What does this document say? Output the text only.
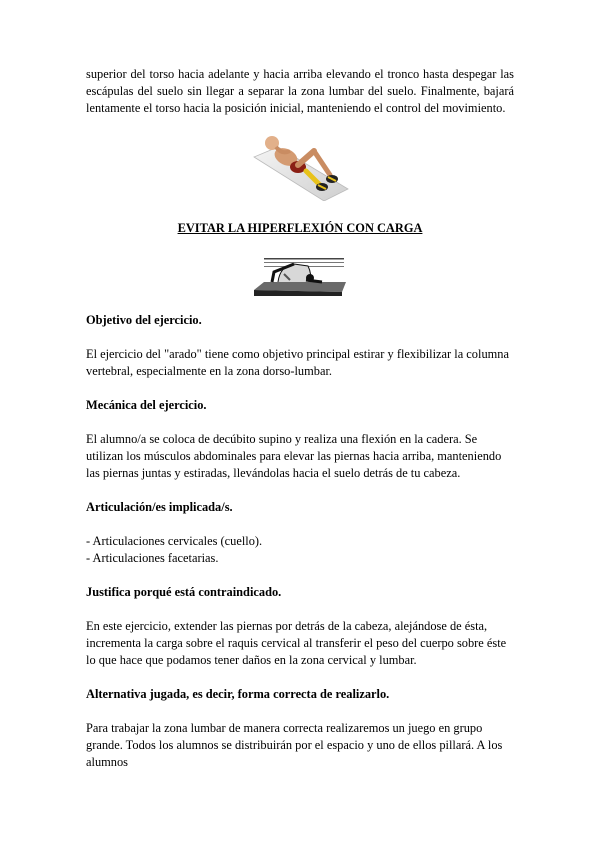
superior del torso hacia adelante y hacia arriba elevando el tronco hasta despegar las escápulas del suelo sin llegar a separar la zona lumbar del suelo. Finalmente, bajará lentamente el torso hacia la posición inicial, manteniendo el control del movimiento.

EVITAR LA HIPERFLEXIÓN CON CARGA

Objetivo del ejercicio.

El ejercicio del "arado" tiene como objetivo principal estirar y flexibilizar la columna vertebral, especialmente en la zona dorso-lumbar.

Mecánica del ejercicio.

El alumno/a se coloca de decúbito supino y realiza una flexión en la cadera. Se utilizan los músculos abdominales para elevar las piernas hacia arriba, manteniendo las piernas juntas y estiradas, llevándolas hacia el suelo detrás de tu cabeza.

Articulación/es implicada/s.

- Articulaciones cervicales (cuello).

- Articulaciones facetarias.

Justifica porqué está contraindicado.

En este ejercicio, extender las piernas por detrás de la cabeza, alejándose de ésta, incrementa la carga sobre el raquis cervical al transferir el peso del cuerpo sobre éste lo que hace que podamos tener daños en la zona cervical y lumbar.

Alternativa jugada, es decir, forma correcta de realizarlo.

Para trabajar la zona lumbar de manera correcta realizaremos un juego en grupo grande. Todos los alumnos se distribuirán por el espacio y uno de ellos pillará. A los alumnos
